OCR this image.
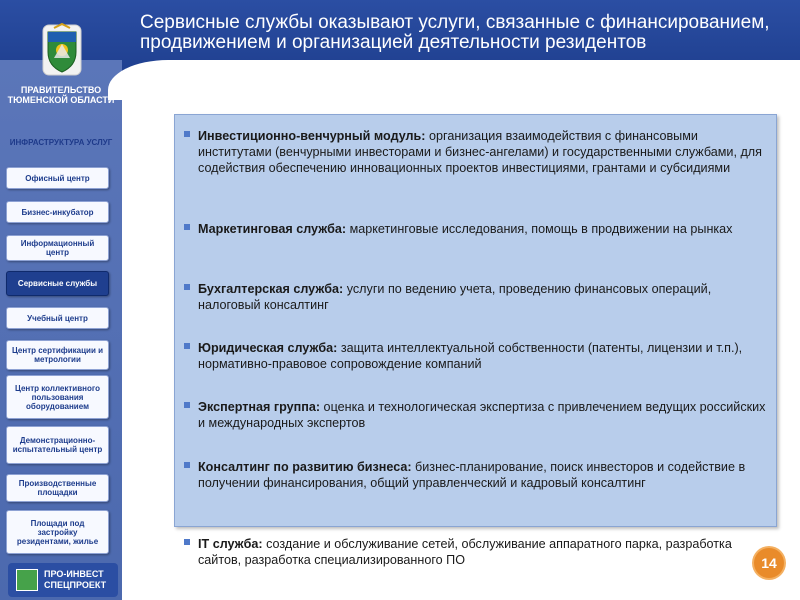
Сервисные службы оказывают услуги, связанные с финансированием, продвижением и организацией деятельности резидентов
ПРАВИТЕЛЬСТВО ТЮМЕНСКОЙ ОБЛАСТИ
ИНФРАСТРУКТУРА УСЛУГ
Офисный центр
Бизнес-инкубатор
Информационный центр
Сервисные службы
Учебный центр
Центр сертификации и метрологии
Центр коллективного пользования оборудованием
Демонстрационно-испытательный центр
Производственные площадки
Площади под застройку резидентами, жилье
ПРО-ИНВЕСТ СПЕЦПРОЕКТ
Инвестиционно-венчурный модуль: организация взаимодействия с финансовыми институтами (венчурными инвесторами и бизнес-ангелами) и государственными службами, для содействия обеспечению инновационных проектов инвестициями, грантами и субсидиями
Маркетинговая служба: маркетинговые исследования, помощь в продвижении на рынках
Бухгалтерская служба: услуги по ведению учета, проведению финансовых операций, налоговый консалтинг
Юридическая служба: защита интеллектуальной собственности (патенты, лицензии и т.п.), нормативно-правовое сопровождение компаний
Экспертная группа: оценка и технологическая экспертиза с привлечением ведущих российских и международных экспертов
Консалтинг по развитию бизнеса: бизнес-планирование, поиск инвесторов и содействие в получении финансирования, общий управленческий и кадровый консалтинг
IT служба: создание и обслуживание сетей, обслуживание аппаратного парка, разработка сайтов, разработка специализированного ПО	14
